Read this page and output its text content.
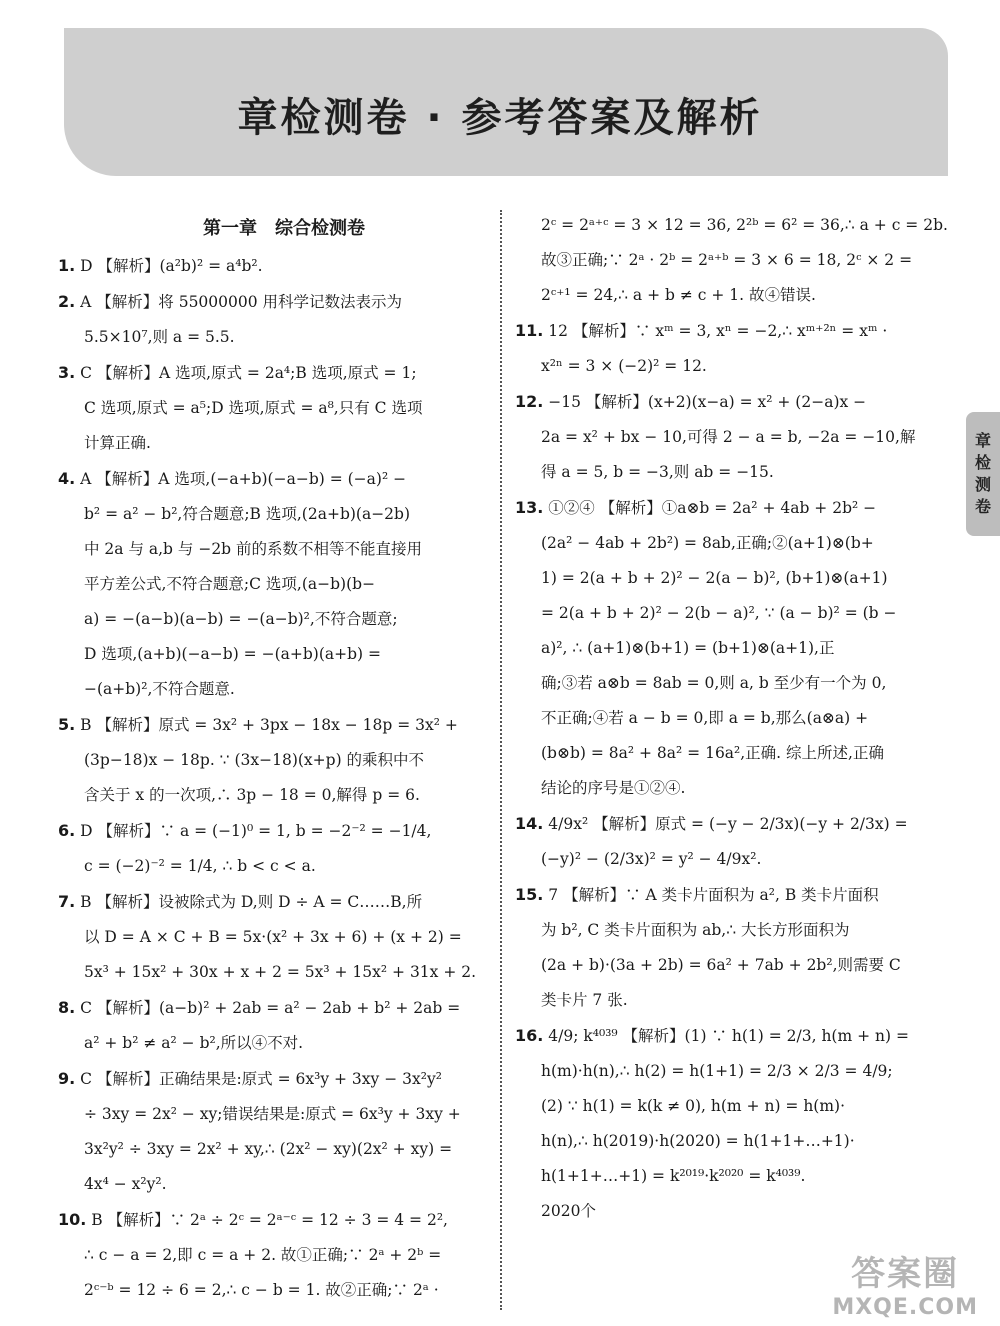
章检测卷 · 参考答案及解析
章
检
测
卷
第一章　综合检测卷
1. D 【解析】(a²b)² = a⁴b².
2. A 【解析】将 55000000 用科学记数法表示为
5.5×10⁷,则 a = 5.5.
3. C 【解析】A 选项,原式 = 2a⁴;B 选项,原式 = 1;
C 选项,原式 = a⁵;D 选项,原式 = a⁸,只有 C 选项
计算正确.
4. A 【解析】A 选项,(−a+b)(−a−b) = (−a)² −
b² = a² − b²,符合题意;B 选项,(2a+b)(a−2b)
中 2a 与 a,b 与 −2b 前的系数不相等不能直接用
平方差公式,不符合题意;C 选项,(a−b)(b−
a) = −(a−b)(a−b) = −(a−b)²,不符合题意;
D 选项,(a+b)(−a−b) = −(a+b)(a+b) =
−(a+b)²,不符合题意.
5. B 【解析】原式 = 3x² + 3px − 18x − 18p = 3x² +
(3p−18)x − 18p. ∵ (3x−18)(x+p) 的乘积中不
含关于 x 的一次项,∴ 3p − 18 = 0,解得 p = 6.
6. D 【解析】∵ a = (−1)⁰ = 1, b = −2⁻² = −1/4,
c = (−2)⁻² = 1/4, ∴ b < c < a.
7. B 【解析】设被除式为 D,则 D ÷ A = C……B,所
以 D = A × C + B = 5x·(x² + 3x + 6) + (x + 2) =
5x³ + 15x² + 30x + x + 2 = 5x³ + 15x² + 31x + 2.
8. C 【解析】(a−b)² + 2ab = a² − 2ab + b² + 2ab =
a² + b² ≠ a² − b²,所以④不对.
9. C 【解析】正确结果是:原式 = 6x³y + 3xy − 3x²y²
÷ 3xy = 2x² − xy;错误结果是:原式 = 6x³y + 3xy +
3x²y² ÷ 3xy = 2x² + xy,∴ (2x² − xy)(2x² + xy) =
4x⁴ − x²y².
10. B 【解析】∵ 2ᵃ ÷ 2ᶜ = 2ᵃ⁻ᶜ = 12 ÷ 3 = 4 = 2²,
∴ c − a = 2,即 c = a + 2. 故①正确;∵ 2ᵃ + 2ᵇ =
2ᶜ⁻ᵇ = 12 ÷ 6 = 2,∴ c − b = 1. 故②正确;∵ 2ᵃ ·
2ᶜ = 2ᵃ⁺ᶜ = 3 × 12 = 36, 2²ᵇ = 6² = 36,∴ a + c = 2b.
故③正确;∵ 2ᵃ · 2ᵇ = 2ᵃ⁺ᵇ = 3 × 6 = 18, 2ᶜ × 2 =
2ᶜ⁺¹ = 24,∴ a + b ≠ c + 1. 故④错误.
11. 12 【解析】∵ xᵐ = 3, xⁿ = −2,∴ xᵐ⁺²ⁿ = xᵐ ·
x²ⁿ = 3 × (−2)² = 12.
12. −15 【解析】(x+2)(x−a) = x² + (2−a)x −
2a = x² + bx − 10,可得 2 − a = b, −2a = −10,解
得 a = 5, b = −3,则 ab = −15.
13. ①②④ 【解析】①a⊗b = 2a² + 4ab + 2b² −
(2a² − 4ab + 2b²) = 8ab,正确;②(a+1)⊗(b+
1) = 2(a + b + 2)² − 2(a − b)², (b+1)⊗(a+1)
= 2(a + b + 2)² − 2(b − a)², ∵ (a − b)² = (b −
a)², ∴ (a+1)⊗(b+1) = (b+1)⊗(a+1),正
确;③若 a⊗b = 8ab = 0,则 a, b 至少有一个为 0,
不正确;④若 a − b = 0,即 a = b,那么(a⊗a) +
(b⊗b) = 8a² + 8a² = 16a²,正确. 综上所述,正确
结论的序号是①②④.
14. 4/9x² 【解析】原式 = (−y − 2/3x)(−y + 2/3x) =
(−y)² − (2/3x)² = y² − 4/9x².
15. 7 【解析】∵ A 类卡片面积为 a², B 类卡片面积
为 b², C 类卡片面积为 ab,∴ 大长方形面积为
(2a + b)·(3a + 2b) = 6a² + 7ab + 2b²,则需要 C
类卡片 7 张.
16. 4/9; k⁴⁰³⁹ 【解析】(1) ∵ h(1) = 2/3, h(m + n) =
h(m)·h(n),∴ h(2) = h(1+1) = 2/3 × 2/3 = 4/9;
(2) ∵ h(1) = k(k ≠ 0), h(m + n) = h(m)·
h(n),∴ h(2019)·h(2020) = h(1+1+…+1)·
h(1+1+…+1) = k²⁰¹⁹·k²⁰²⁰ = k⁴⁰³⁹.
2020个
答案圈
MXQE.COM
